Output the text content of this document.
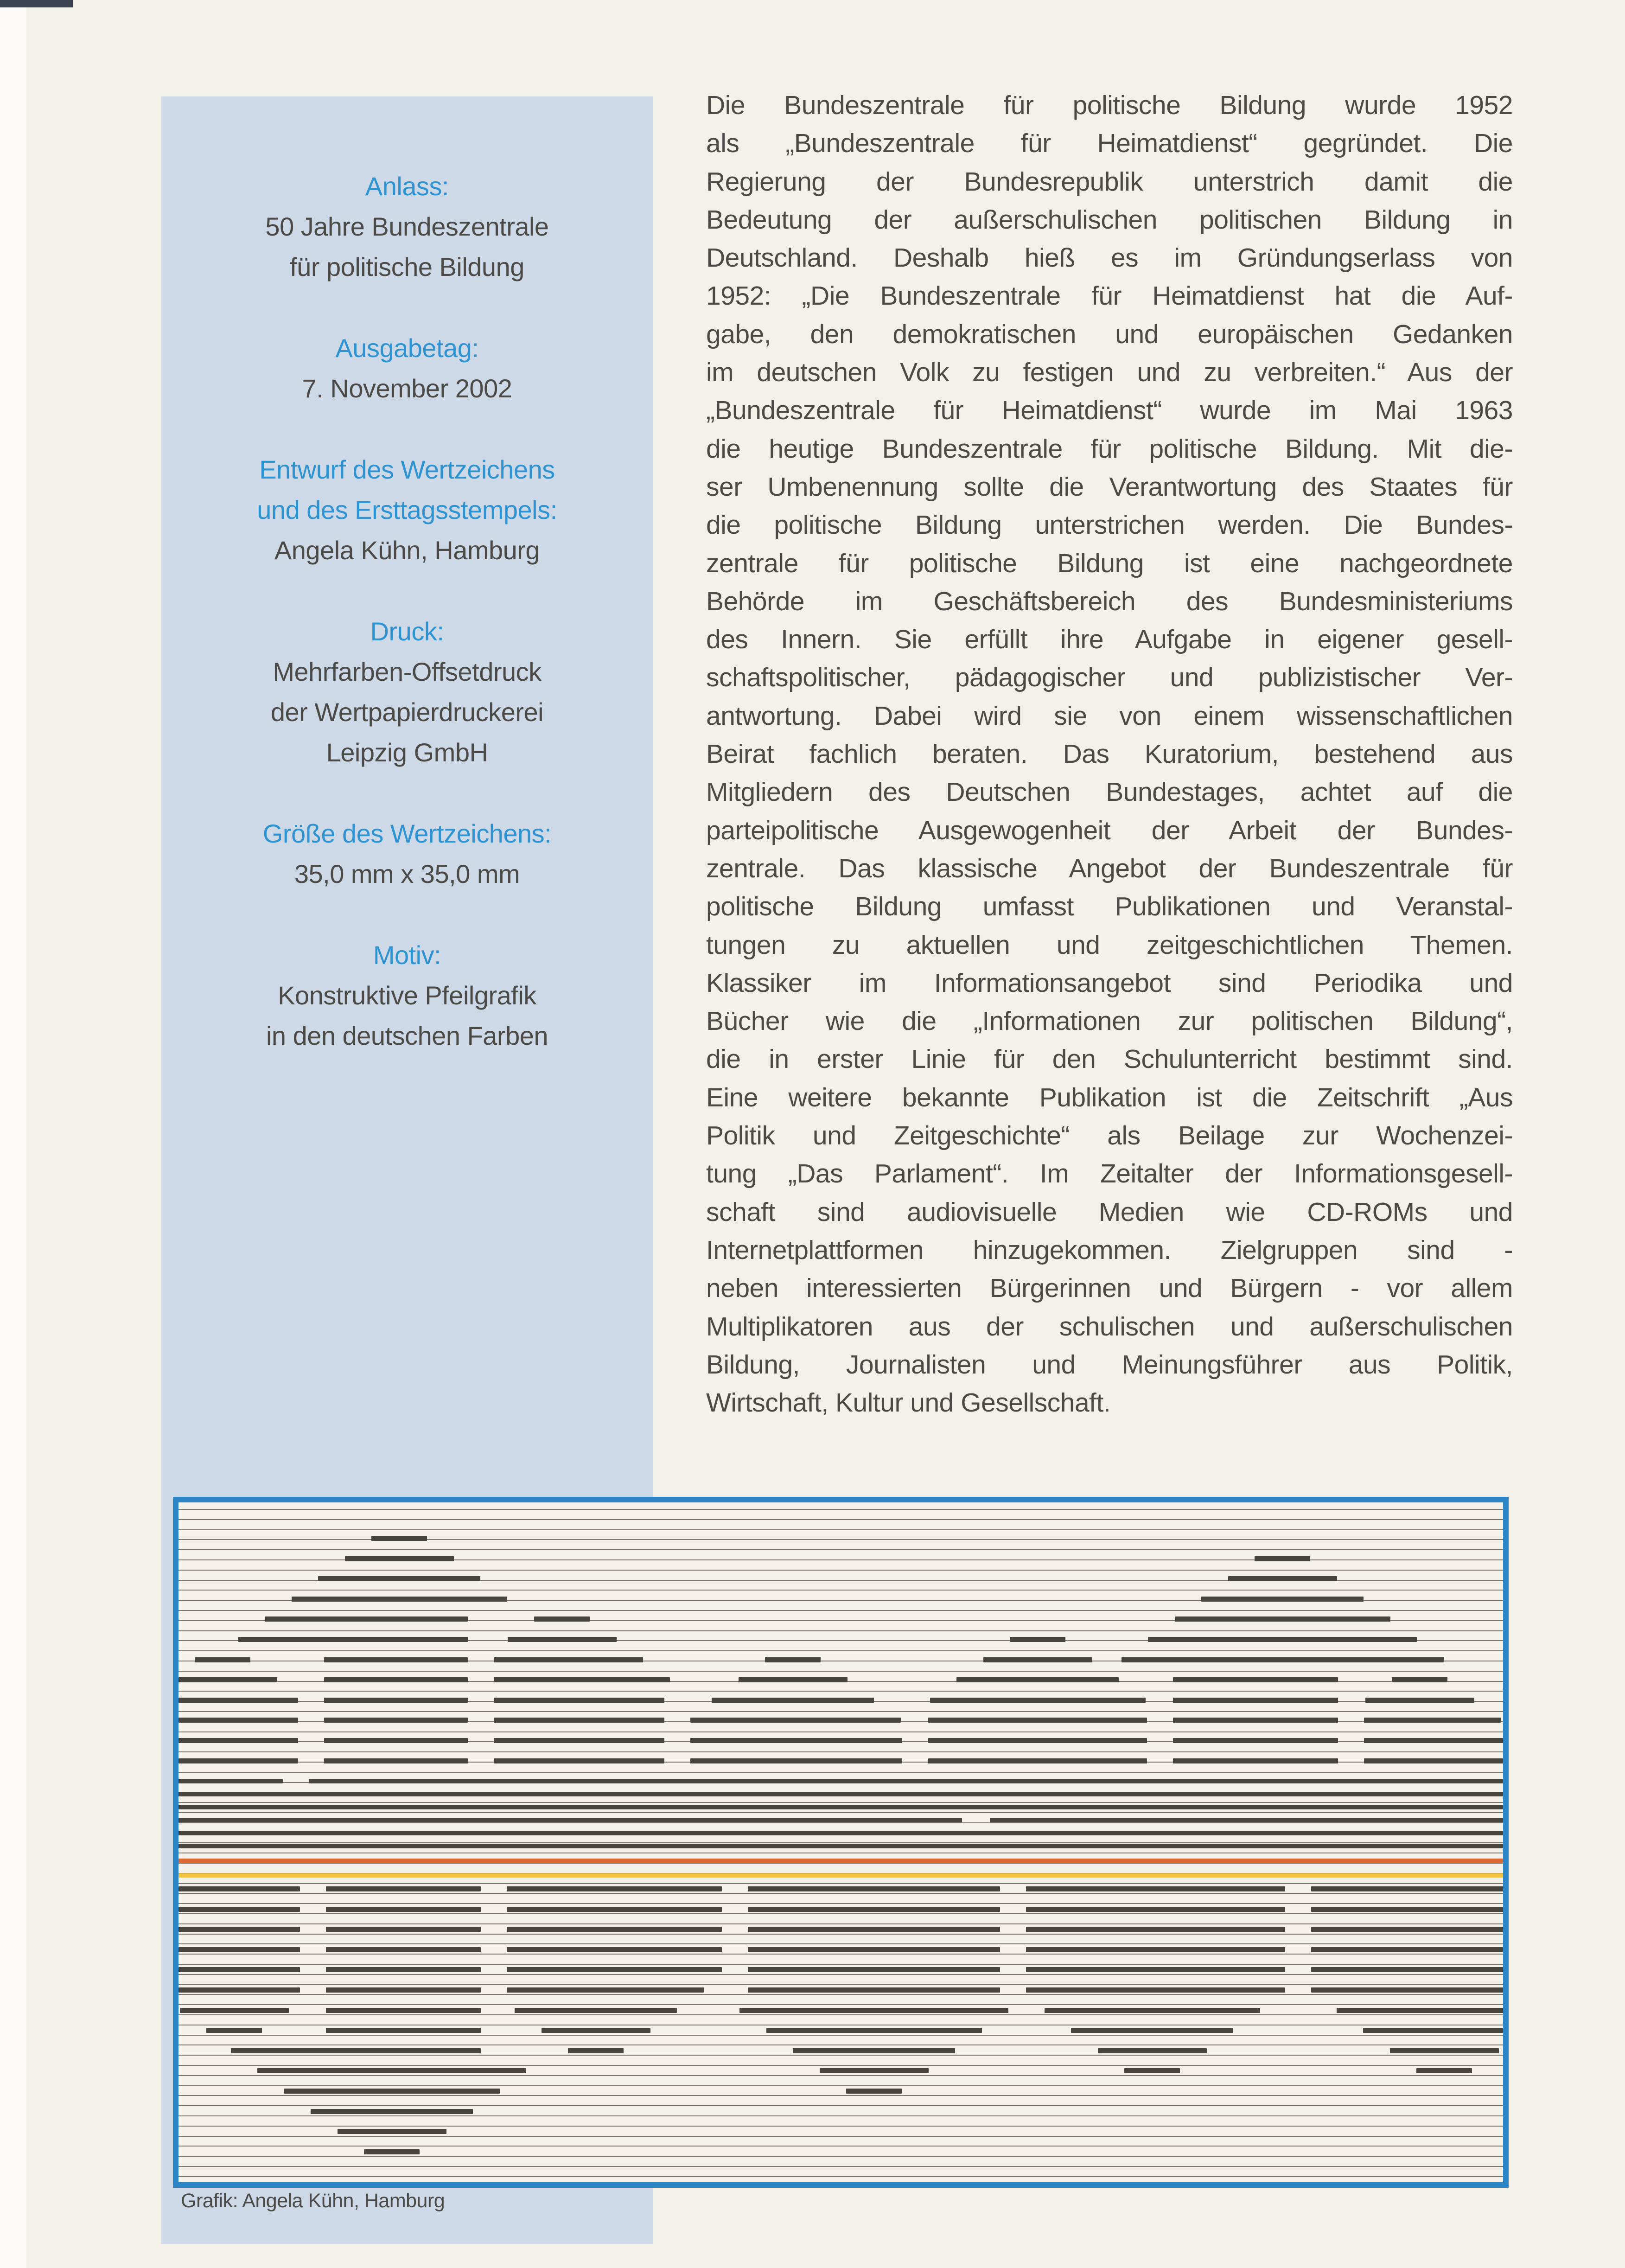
Anlass:
50 Jahre Bundeszentrale
für politische Bildung
Ausgabetag:
7. November 2002
Entwurf des Wertzeichens
und des Ersttagsstempels:
Angela Kühn, Hamburg
Druck:
Mehrfarben-Offsetdruck
der Wertpapierdruckerei
Leipzig GmbH
Größe des Wertzeichens:
35,0 mm x 35,0 mm
Motiv:
Konstruktive Pfeilgrafik
in den deutschen Farben
Die Bundeszentrale für politische Bildung wurde 1952
als „Bundeszentrale für Heimatdienst“ gegründet. Die
Regierung der Bundesrepublik unterstrich damit die
Bedeutung der außerschulischen politischen Bildung in
Deutschland. Deshalb hieß es im Gründungserlass von
1952: „Die Bundeszentrale für Heimatdienst hat die Auf-
gabe, den demokratischen und europäischen Gedanken
im deutschen Volk zu festigen und zu verbreiten.“ Aus der
„Bundeszentrale für Heimatdienst“ wurde im Mai 1963
die heutige Bundeszentrale für politische Bildung. Mit die-
ser Umbenennung sollte die Verantwortung des Staates für
die politische Bildung unterstrichen werden. Die Bundes-
zentrale für politische Bildung ist eine nachgeordnete
Behörde im Geschäftsbereich des Bundesministeriums
des Innern. Sie erfüllt ihre Aufgabe in eigener gesell-
schaftspolitischer, pädagogischer und publizistischer Ver-
antwortung. Dabei wird sie von einem wissenschaftlichen
Beirat fachlich beraten. Das Kuratorium, bestehend aus
Mitgliedern des Deutschen Bundestages, achtet auf die
parteipolitische Ausgewogenheit der Arbeit der Bundes-
zentrale. Das klassische Angebot der Bundeszentrale für
politische Bildung umfasst Publikationen und Veranstal-
tungen zu aktuellen und zeitgeschichtlichen Themen.
Klassiker im Informationsangebot sind Periodika und
Bücher wie die „Informationen zur politischen Bildung“,
die in erster Linie für den Schulunterricht bestimmt sind.
Eine weitere bekannte Publikation ist die Zeitschrift „Aus
Politik und Zeitgeschichte“ als Beilage zur Wochenzei-
tung „Das Parlament“. Im Zeitalter der Informationsgesell-
schaft sind audiovisuelle Medien wie CD-ROMs und
Internetplattformen hinzugekommen. Zielgruppen sind -
neben interessierten Bürgerinnen und Bürgern - vor allem
Multiplikatoren aus der schulischen und außerschulischen
Bildung, Journalisten und Meinungsführer aus Politik,
Wirtschaft, Kultur und Gesellschaft.
Grafik: Angela Kühn, Hamburg
